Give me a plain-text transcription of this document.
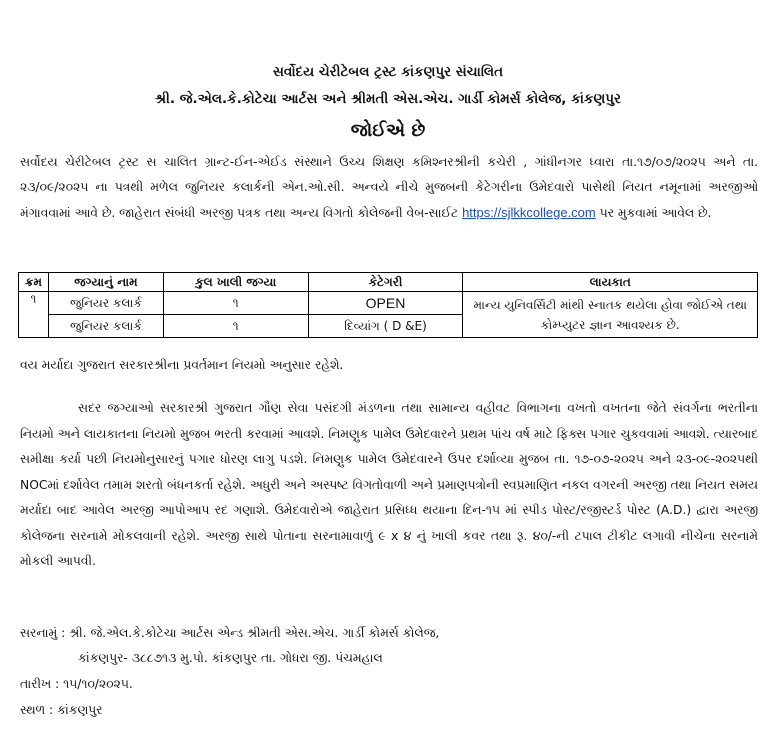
સર્વોદય ચેરીટેબલ ટ્રસ્ટ કાંકણપુર સંચાલિત
શ્રી. જે.એલ.કે.કોટેચા આર્ટસ અને શ્રીમતી એસ.એચ. ગાર્ડી કોમર્સ કોલેજ, કાંકણપુર
જોઈએ છે
સર્વોદય ચેરીટેબલ ટ્રસ્ટ સ ચાલિત ગ્રાન્ટ-ઈન-એઈડ સંસ્થાને ઉચ્ચ શિક્ષણ કમિશ્નરશ્રીની કચેરી , ગાંધીનગર ધ્વારા તા.૧૭/૦૭/૨૦૨૫ અને તા. ૨૩/૦૯/૨૦૨૫ ના પત્રથી મળેલ જુનિયર કલાર્કની એન.ઓ.સી. અન્વયે નીચે મુજબની કેટેગરીના ઉમેદવારો પાસેથી નિયત નમૂનામાં અરજીઓ મંગાવવામાં આવે છે. જાહેરાત સંબંધી અરજી પત્રક તથા અન્ય વિગતો કોલેજની વેબ-સાઈટ https://sjlkkcollege.com પર મુકવામાં આવેલ છે.
ક્રમ	જગ્યાનું નામ	કુલ ખાલી જગ્યા	કેટેગરી	લાયકાત
૧	જુનિયર કલાર્ક	૧	OPEN	માન્ય યુનિવર્સિટી માંથી સ્નાતક થયેલા હોવા જોઈએ તથા કોમ્પ્યુટર જ્ઞાન આવશ્યક છે.
	જુનિયર કલાર્ક	૧	દિવ્યાંગ ( D &E)	
વય મર્યાદા ગુજરાત સરકારશ્રીના પ્રવર્તમાન નિયમો અનુસાર રહેશે.
સદર જગ્યાઓ સરકારશ્રી ગુજરાત ગૌણ સેવા પસંદગી મંડળના તથા સામાન્ય વહીવટ વિભાગના વખતો વખતના જેતે સંવર્ગના ભરતીના નિયમો અને લાયકાતના નિયમો મુજબ ભરતી કરવામાં આવશે. નિમણુક પામેલ ઉમેદવારને પ્રથમ પાંચ વર્ષ માટે ફિક્સ પગાર ચુકવવામાં આવશે. ત્યારબાદ સમીક્ષા કર્યા પછી નિયમોનુસારનું પગાર ધોરણ લાગુ પડશે. નિમણુક પામેલ ઉમેદવારને ઉપર દર્શાવ્યા મુજબ તા. ૧૭-૦૭-૨૦૨૫ અને ૨૩-૦૯-૨૦૨૫થી NOCમાં દર્શાવેલ તમામ શરતો બંધનકર્તા રહેશે. અધુરી અને અસ્પષ્ટ વિગતોવાળી અને પ્રમાણપત્રોની સ્વપ્રમાણિત નકલ વગરની અરજી તથા નિયત સમય મર્યાદા બાદ આવેલ અરજી આપોઆપ રદ ગણાશે. ઉમેદવારોએ જાહેરાત પ્રસિધ્ધ થયાના દિન-૧૫ માં સ્પીડ પોસ્ટ/રજીસ્ટર્ડ પોસ્ટ (A.D.) દ્વારા અરજી કોલેજના સરનામે મોકલવાની રહેશે. અરજી સાથે પોતાના સરનામાવાળું ૯ x ૪ નું ખાલી કવર તથા રૂ. ૪૦/-ની ટપાલ ટીકીટ લગાવી નીચેના સરનામે મોકલી આપવી.
સરનામું : શ્રી. જે.એલ.કે.કોટેચા આર્ટસ એન્ડ શ્રીમતી એસ.એચ. ગાર્ડી કોમર્સ કોલેજ,
કાંકણપુર- ૩૮૮૭૧૩ મુ.પો. કાંકણપુર તા. ગોધરા જી. પંચમહાલ
તારીખ : ૧૫/૧૦/૨૦૨૫.
સ્થળ : કાંકણપુર
